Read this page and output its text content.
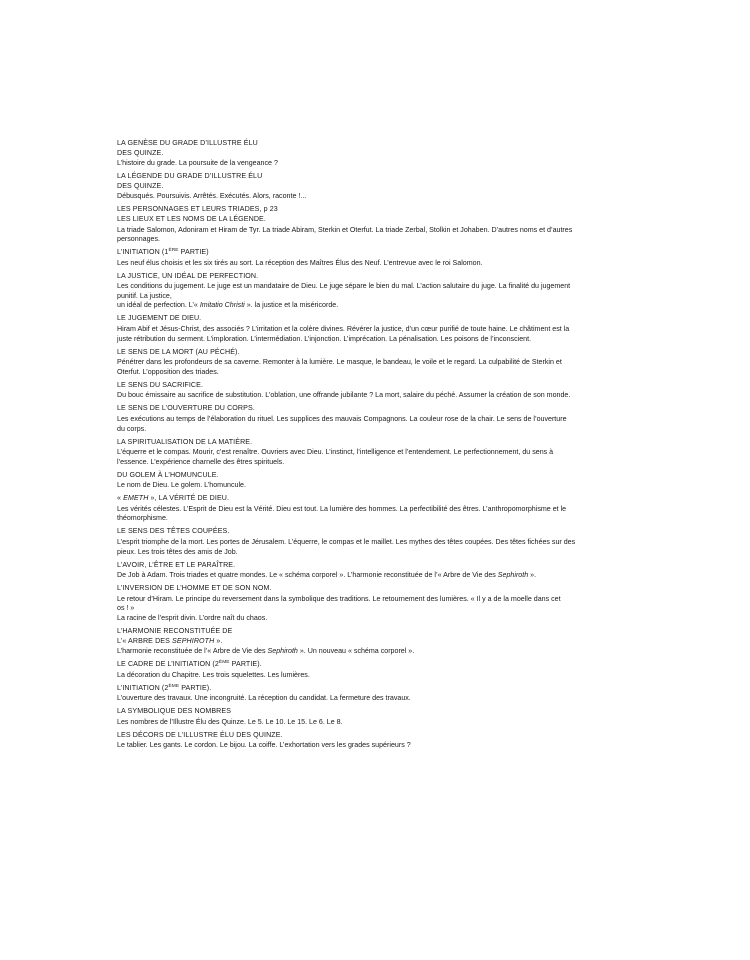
LA GENÈSE DU GRADE D’ILLUSTRE ÉLU
DES QUINZE.
L’histoire du grade. La poursuite de la vengeance ?
LA LÉGENDE DU GRADE D’ILLUSTRE ÉLU
DES QUINZE.
Débusqués. Poursuivis. Arrêtés. Exécutés. Alors, raconte !...
LES PERSONNAGES ET LEURS TRIADES, p 23
LES LIEUX ET LES NOMS DE LA LÉGENDE.
La triade Salomon, Adoniram et Hiram de Tyr. La triade Abiram, Sterkin et Oterfut. La triade Zerbal, Stolkin et Johaben. D’autres noms et d’autres
personnages.
L’INITIATION (1ÈRE PARTIE)
Les neuf élus choisis et les six tirés au sort. La réception des Maîtres Élus des Neuf. L’entrevue avec le roi Salomon.
LA JUSTICE, UN IDÉAL DE PERFECTION.
Les conditions du jugement. Le juge est un mandataire de Dieu. Le juge sépare le bien du mal. L’action salutaire du juge. La finalité du jugement
punitif. La justice,
un idéal de perfection. L’« Imitatio Christi ». la justice et la miséricorde.
LE JUGEMENT DE DIEU.
Hiram Abif et Jésus-Christ, des associés ? L’irritation et la colère divines. Révérer la justice, d’un cœur purifié de toute haine. Le châtiment est la
juste rétribution du serment. L’imploration. L’intermédiation. L’injonction. L’imprécation. La pénalisation. Les poisons de l’inconscient.
LE SENS DE LA MORT (AU PÉCHÉ).
Pénétrer dans les profondeurs de sa caverne. Remonter à la lumière. Le masque, le bandeau, le voile et le regard. La culpabilité de Sterkin et
Oterfut. L’opposition des triades.
LE SENS DU SACRIFICE.
Du bouc émissaire au sacrifice de substitution. L’oblation, une offrande jubilante ? La mort, salaire du péché. Assumer la création de son monde.
LE SENS DE L’OUVERTURE DU CORPS.
Les exécutions au temps de l’élaboration du rituel. Les supplices des mauvais Compagnons. La couleur rose de la chair. Le sens de l’ouverture
du corps.
LA SPIRITUALISATION DE LA MATIÈRE.
L’équerre et le compas. Mourir, c’est renaître. Ouvriers avec Dieu. L’instinct, l’intelligence et l’entendement. Le perfectionnement, du sens à
l’essence. L’expérience charnelle des êtres spirituels.
DU GOLEM À L’HOMUNCULE.
Le nom de Dieu. Le golem. L’homuncule.
« EMETH », LA VÉRITÉ DE DIEU.
Les vérités célestes. L’Esprit de Dieu est la Vérité. Dieu est tout. La lumière des hommes. La perfectibilité des êtres. L’anthropomorphisme et le
théomorphisme.
LE SENS DES TÊTES COUPÉES.
L’esprit triomphe de la mort. Les portes de Jérusalem. L’équerre, le compas et le maillet. Les mythes des têtes coupées. Des têtes fichées sur des
pieux. Les trois têtes des amis de Job.
L’AVOIR, L’ÊTRE ET LE PARAÎTRE.
De Job à Adam. Trois triades et quatre mondes. Le « schéma corporel ». L’harmonie reconstituée de l’« Arbre de Vie des Sephiroth ».
L’INVERSION DE L’HOMME ET DE SON NOM.
Le retour d’Hiram. Le principe du reversement dans la symbolique des traditions. Le retournement des lumières. « Il y a de la moelle dans cet
os ! »
La racine de l’esprit divin. L’ordre naît du chaos.
L’HARMONIE RECONSTITUÉE DE
L’« ARBRE DES SEPHIROTH ».
L’harmonie reconstituée de l’« Arbre de Vie des Sephiroth ». Un nouveau « schéma corporel ».
LE CADRE DE L’INITIATION (2ÈME PARTIE).
La décoration du Chapitre. Les trois squelettes. Les lumières.
L’INITIATION (2ÈME PARTIE).
L’ouverture des travaux. Une incongruité. La réception du candidat. La fermeture des travaux.
LA SYMBOLIQUE DES NOMBRES
Les nombres de l’Illustre Élu des Quinze. Le 5. Le 10. Le 15. Le 6. Le 8.
LES DÉCORS DE L’ILLUSTRE ÉLU DES QUINZE.
Le tablier. Les gants. Le cordon. Le bijou. La coiffe. L’exhortation vers les grades supérieurs ?
